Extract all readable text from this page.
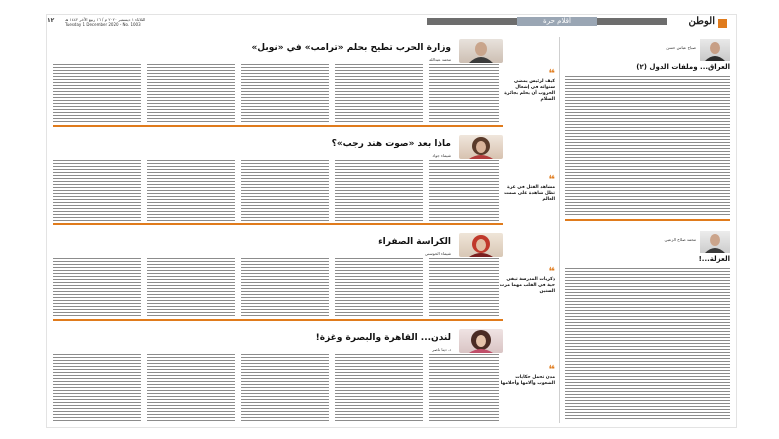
١٢	الثلاثاء ١ ديسمبر ٢٠٢٠ م / ١٦ ربيع الآخر ١٤٤٢ هـ
Tuesday 1 December 2020 - No. 1003	أقلام حرة	الوطن
وزارة الحرب تطيح بحلم «ترامب» في «نوبل»
محمد عبدالله
ماذا بعد «صوت هند رجب»؟
شيماء جواد
الكراسة الصفراء
شيماء الحوسني
لندن... القاهرة والبصرة وغزة!
د. دينا ناصر
❝
كيف لرئيس يمضي سنواته في إشعال الحروب أن يحلم بجائزة السلام
❝
مشاهد القتل في غزة تظل شاهدة على صمت العالم
❝
ذكريات المدرسة تبقى حية في القلب مهما مرت السنين
❝
مدن تحمل حكايات الشعوب وآلامها وأحلامها
صباح عباس حسن
العراق... وملفات الدول (٢)
محمد صلاح الزعبي
العزلة...!
